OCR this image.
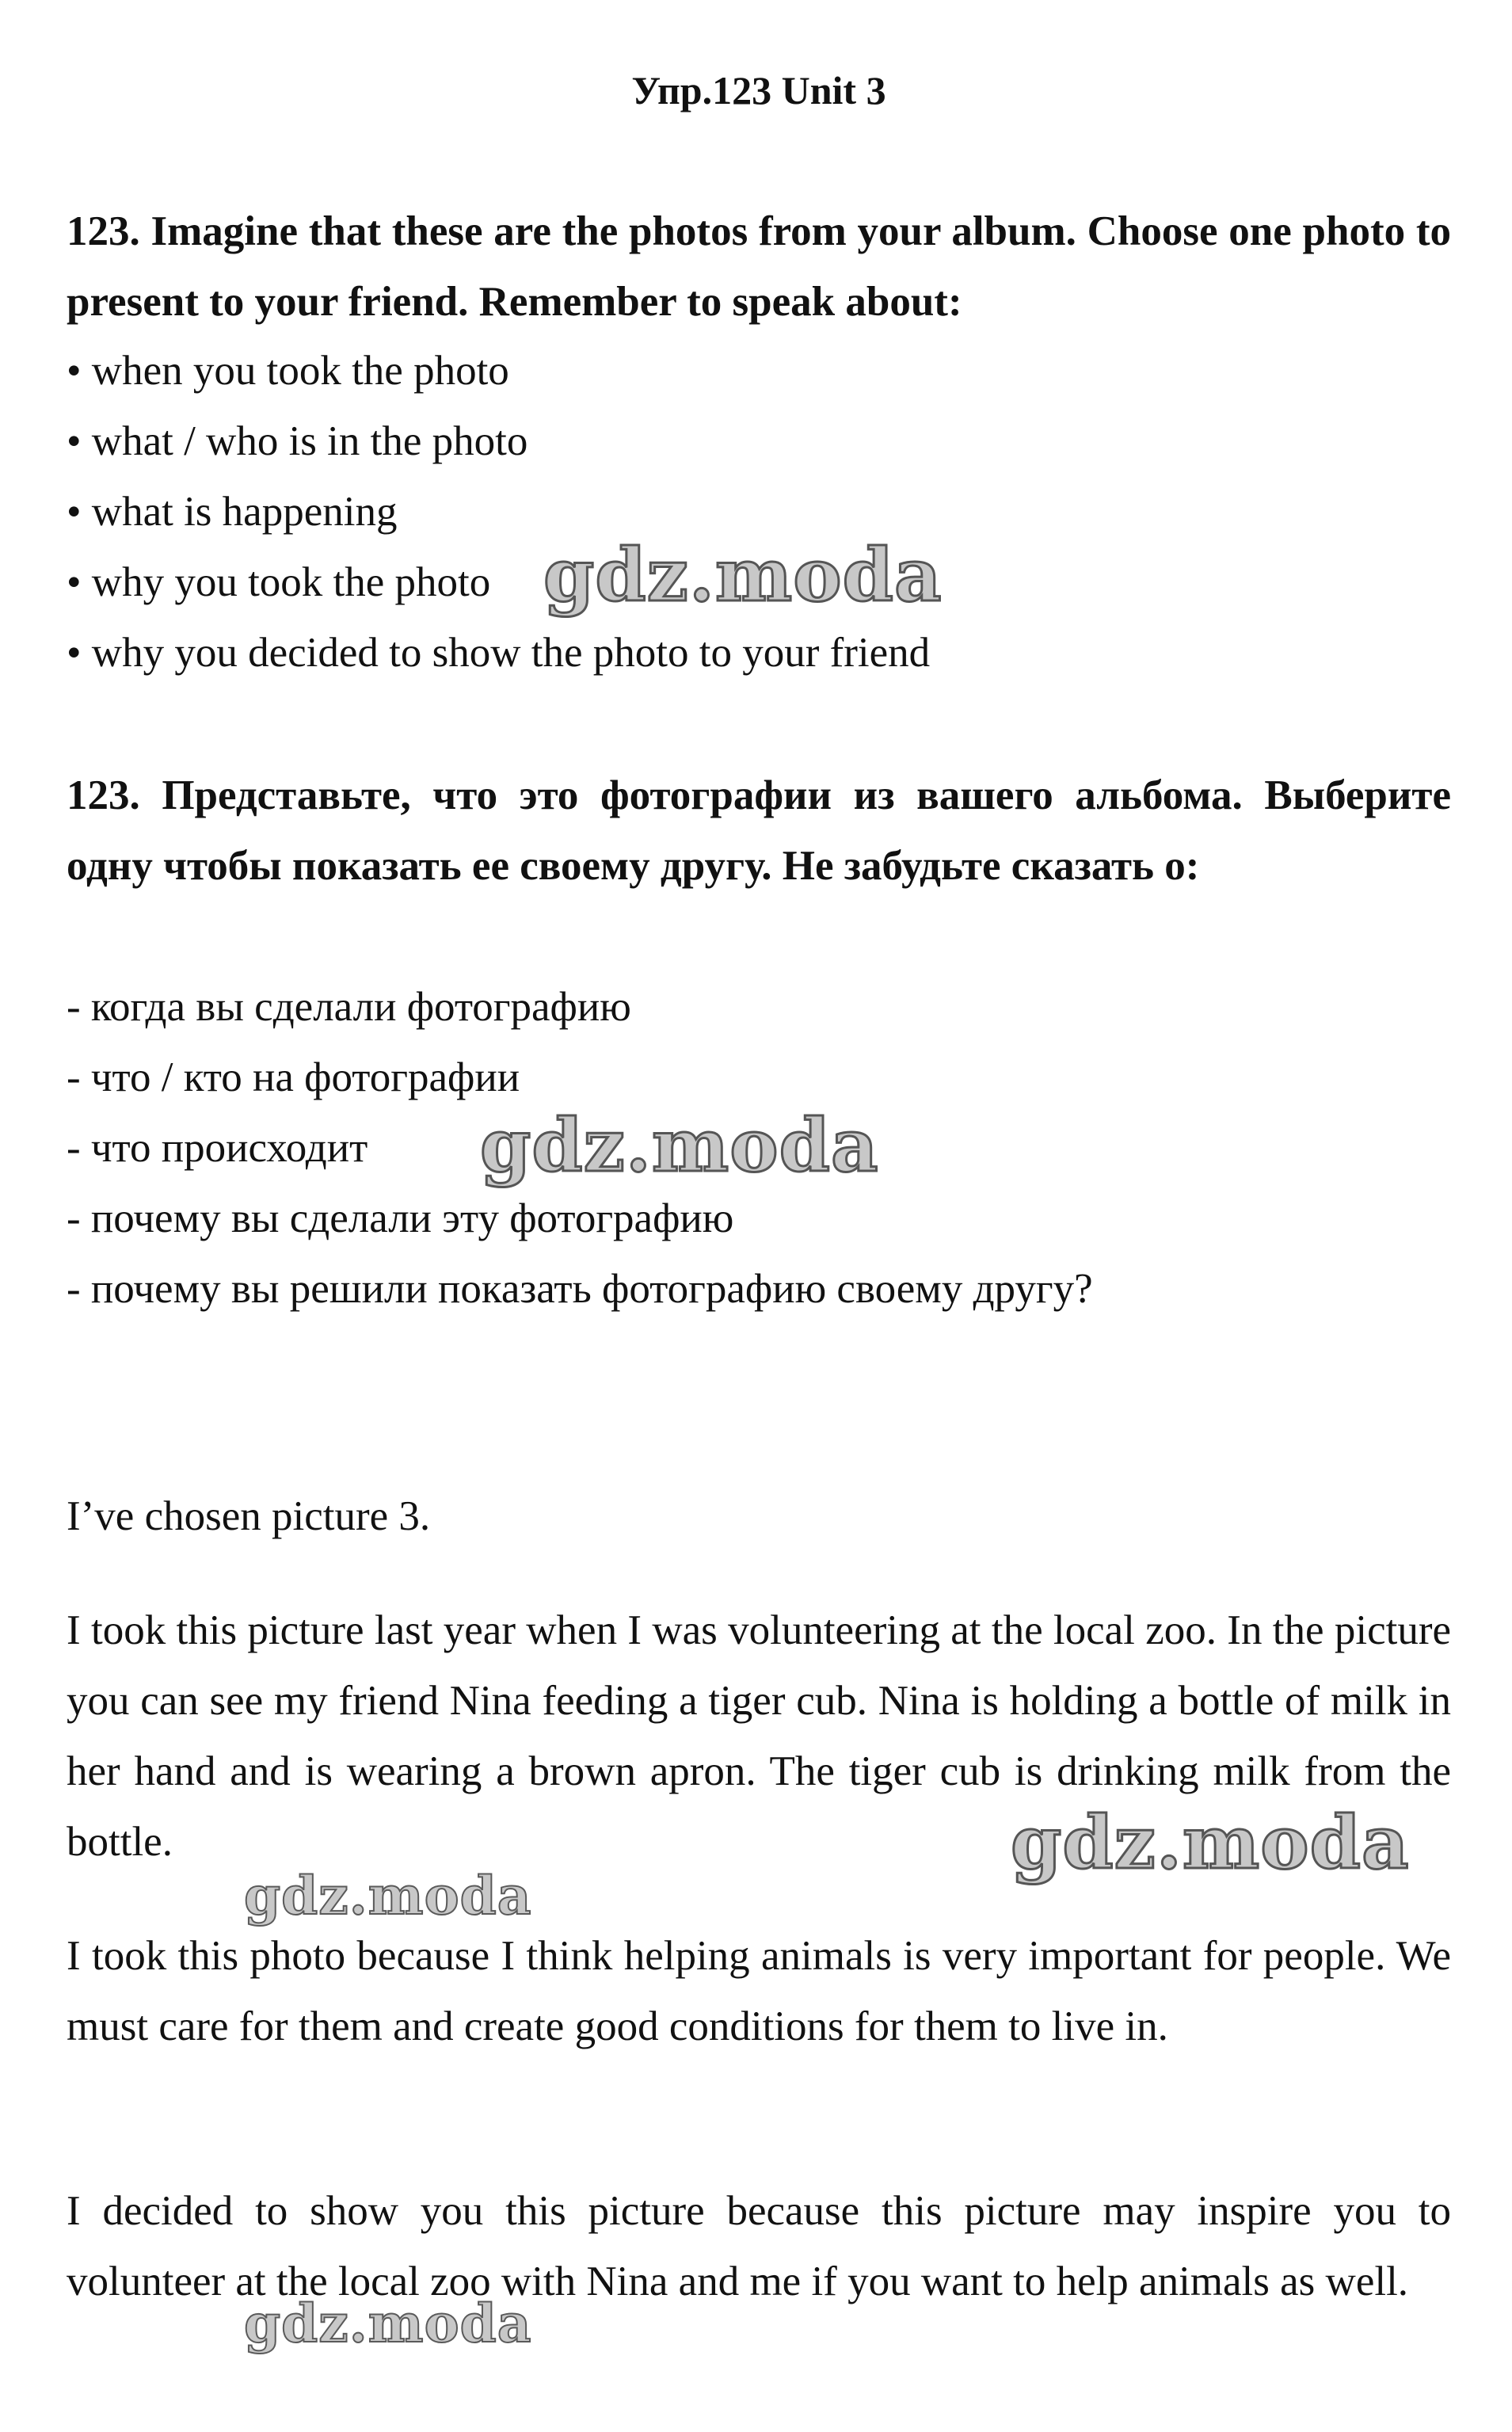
Упр.123 Unit 3
123. Imagine that these are the photos from your album. Choose one photo to present to your friend. Remember to speak about:
• when you took the photo
• what / who is in the photo
• what is happening
• why you took the photo
• why you decided to show the photo to your friend
123. Представьте, что это фотографии из вашего альбома. Выберите одну чтобы показать ее своему другу. Не забудьте сказать о:
- когда вы сделали фотографию
- что / кто на фотографии
- что происходит
- почему вы сделали эту фотографию
- почему вы решили показать фотографию своему другу?
I’ve chosen picture 3.
I took this picture last year when I was volunteering at the local zoo. In the picture you can see my friend Nina feeding a tiger cub. Nina is holding a bottle of milk in her hand and is wearing a brown apron. The tiger cub is drinking milk from the bottle.
I took this photo because I think helping animals is very important for people. We must care for them and create good conditions for them to live in.
I decided to show you this picture because this picture may inspire you to volunteer at the local zoo with Nina and me if you want to help animals as well.
gdz.moda
gdz.moda
gdz.moda
gdz.moda
gdz.moda
